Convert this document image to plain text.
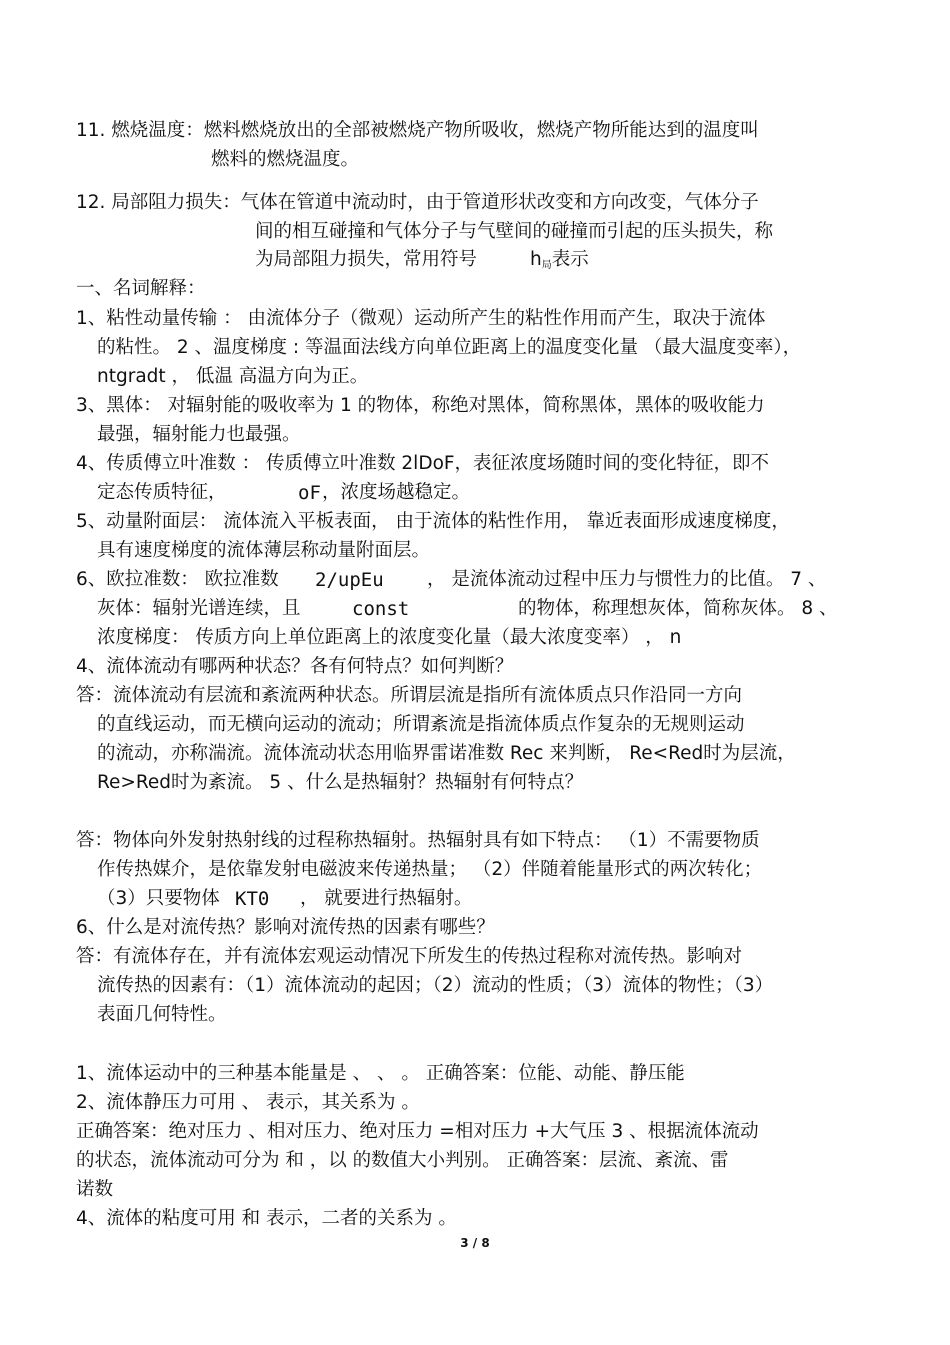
11. 燃烧温度：燃料燃烧放出的全部被燃烧产物所吸收，燃烧产物所能达到的温度叫
燃料的燃烧温度。
12. 局部阻力损失：气体在管道中流动时，由于管道形状改变和方向改变，气体分子
间的相互碰撞和气体分子与气壁间的碰撞而引起的压头损失，称
为局部阻力损失，常用符号	$h_局$表示
一、名词解释：
1、粘性动量传输 ： 由流体分子（微观）运动所产生的粘性作用而产生，取决于流体
的粘性。 2 、温度梯度 : 等温面法线方向单位距离上的温度变化量 （最大温度变率），
ntgradt ， 低温 高温方向为正。
3、黑体： 对辐射能的吸收率为 1 的物体，称绝对黑体，简称黑体，黑体的吸收能力
最强，辐射能力也最强。
4、传质傅立叶准数 ： 传质傅立叶准数 2lDoF，表征浓度场随时间的变化特征，即不
定态传质特征，	oF ，浓度场越稳定。
5、动量附面层： 流体流入平板表面， 由于流体的粘性作用， 靠近表面形成速度梯度，
具有速度梯度的流体薄层称动量附面层。
6、欧拉准数： 欧拉准数 2/upEu ， 是流体流动过程中压力与惯性力的比值。 7 、
灰体：辐射光谱连续，且	const	的物体，称理想灰体，简称灰体。 8 、
浓度梯度： 传质方向上单位距离上的浓度变化量（最大浓度变率） ， n
4、流体流动有哪两种状态？各有何特点？如何判断？
答：流体流动有层流和紊流两种状态。所谓层流是指所有流体质点只作沿同一方向
的直线运动，而无横向运动的流动；所谓紊流是指流体质点作复杂的无规则运动
的流动，亦称湍流。流体流动状态用临界雷诺准数 Rec 来判断， Re<Red时为层流，
Re>Red时为紊流。 5 、什么是热辐射？热辐射有何特点？
答：物体向外发射热射线的过程称热辐射。热辐射具有如下特点： （1）不需要物质
作传热媒介，是依靠发射电磁波来传递热量； （2）伴随着能量形式的两次转化；
（3）只要物体 KT0 ， 就要进行热辐射。
6、什么是对流传热？影响对流传热的因素有哪些？
答：有流体存在，并有流体宏观运动情况下所发生的传热过程称对流传热。影响对
流传热的因素有：（1）流体流动的起因；（2）流动的性质；（3）流体的物性；（3）
表面几何特性。
1、流体运动中的三种基本能量是 、 、 。 正确答案：位能、动能、静压能
2、流体静压力可用 、 表示，其关系为 。
正确答案：绝对压力 、相对压力、绝对压力 =相对压力 +大气压 3 、根据流体流动
的状态，流体流动可分为 和 ，以 的数值大小判别。 正确答案：层流、紊流、雷
诺数
4、流体的粘度可用 和 表示，二者的关系为 。
3 / 8
